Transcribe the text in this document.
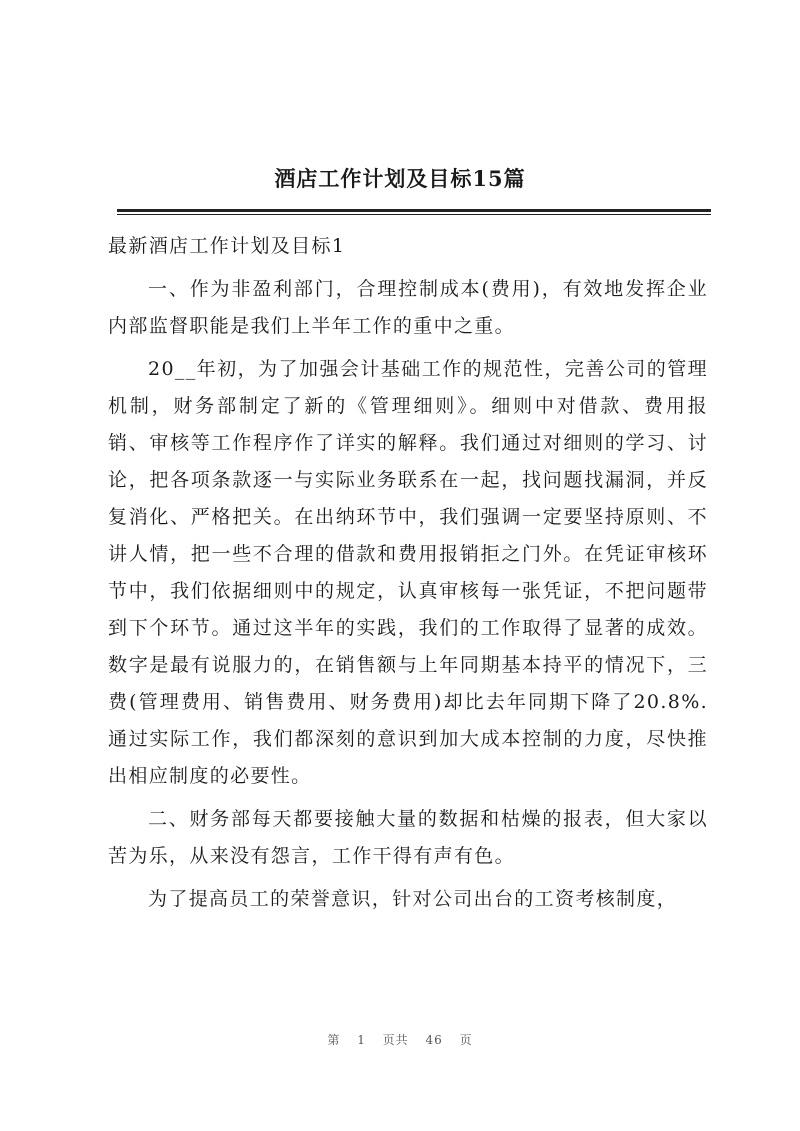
酒店工作计划及目标15篇

最新酒店工作计划及目标1

一、作为非盈利部门，合理控制成本(费用)，有效地发挥企业内部监督职能是我们上半年工作的重中之重。

20__年初，为了加强会计基础工作的规范性，完善公司的管理机制，财务部制定了新的《管理细则》。细则中对借款、费用报销、审核等工作程序作了详实的解释。我们通过对细则的学习、讨论，把各项条款逐一与实际业务联系在一起，找问题找漏洞，并反复消化、严格把关。在出纳环节中，我们强调一定要坚持原则、不讲人情，把一些不合理的借款和费用报销拒之门外。在凭证审核环节中，我们依据细则中的规定，认真审核每一张凭证，不把问题带到下个环节。通过这半年的实践，我们的工作取得了显著的成效。数字是最有说服力的，在销售额与上年同期基本持平的情况下，三费(管理费用、销售费用、财务费用)却比去年同期下降了20.8%.通过实际工作，我们都深刻的意识到加大成本控制的力度，尽快推出相应制度的必要性。

二、财务部每天都要接触大量的数据和枯燥的报表，但大家以苦为乐，从来没有怨言，工作干得有声有色。

为了提高员工的荣誉意识，针对公司出台的工资考核制度，

第 1 页共 46 页
